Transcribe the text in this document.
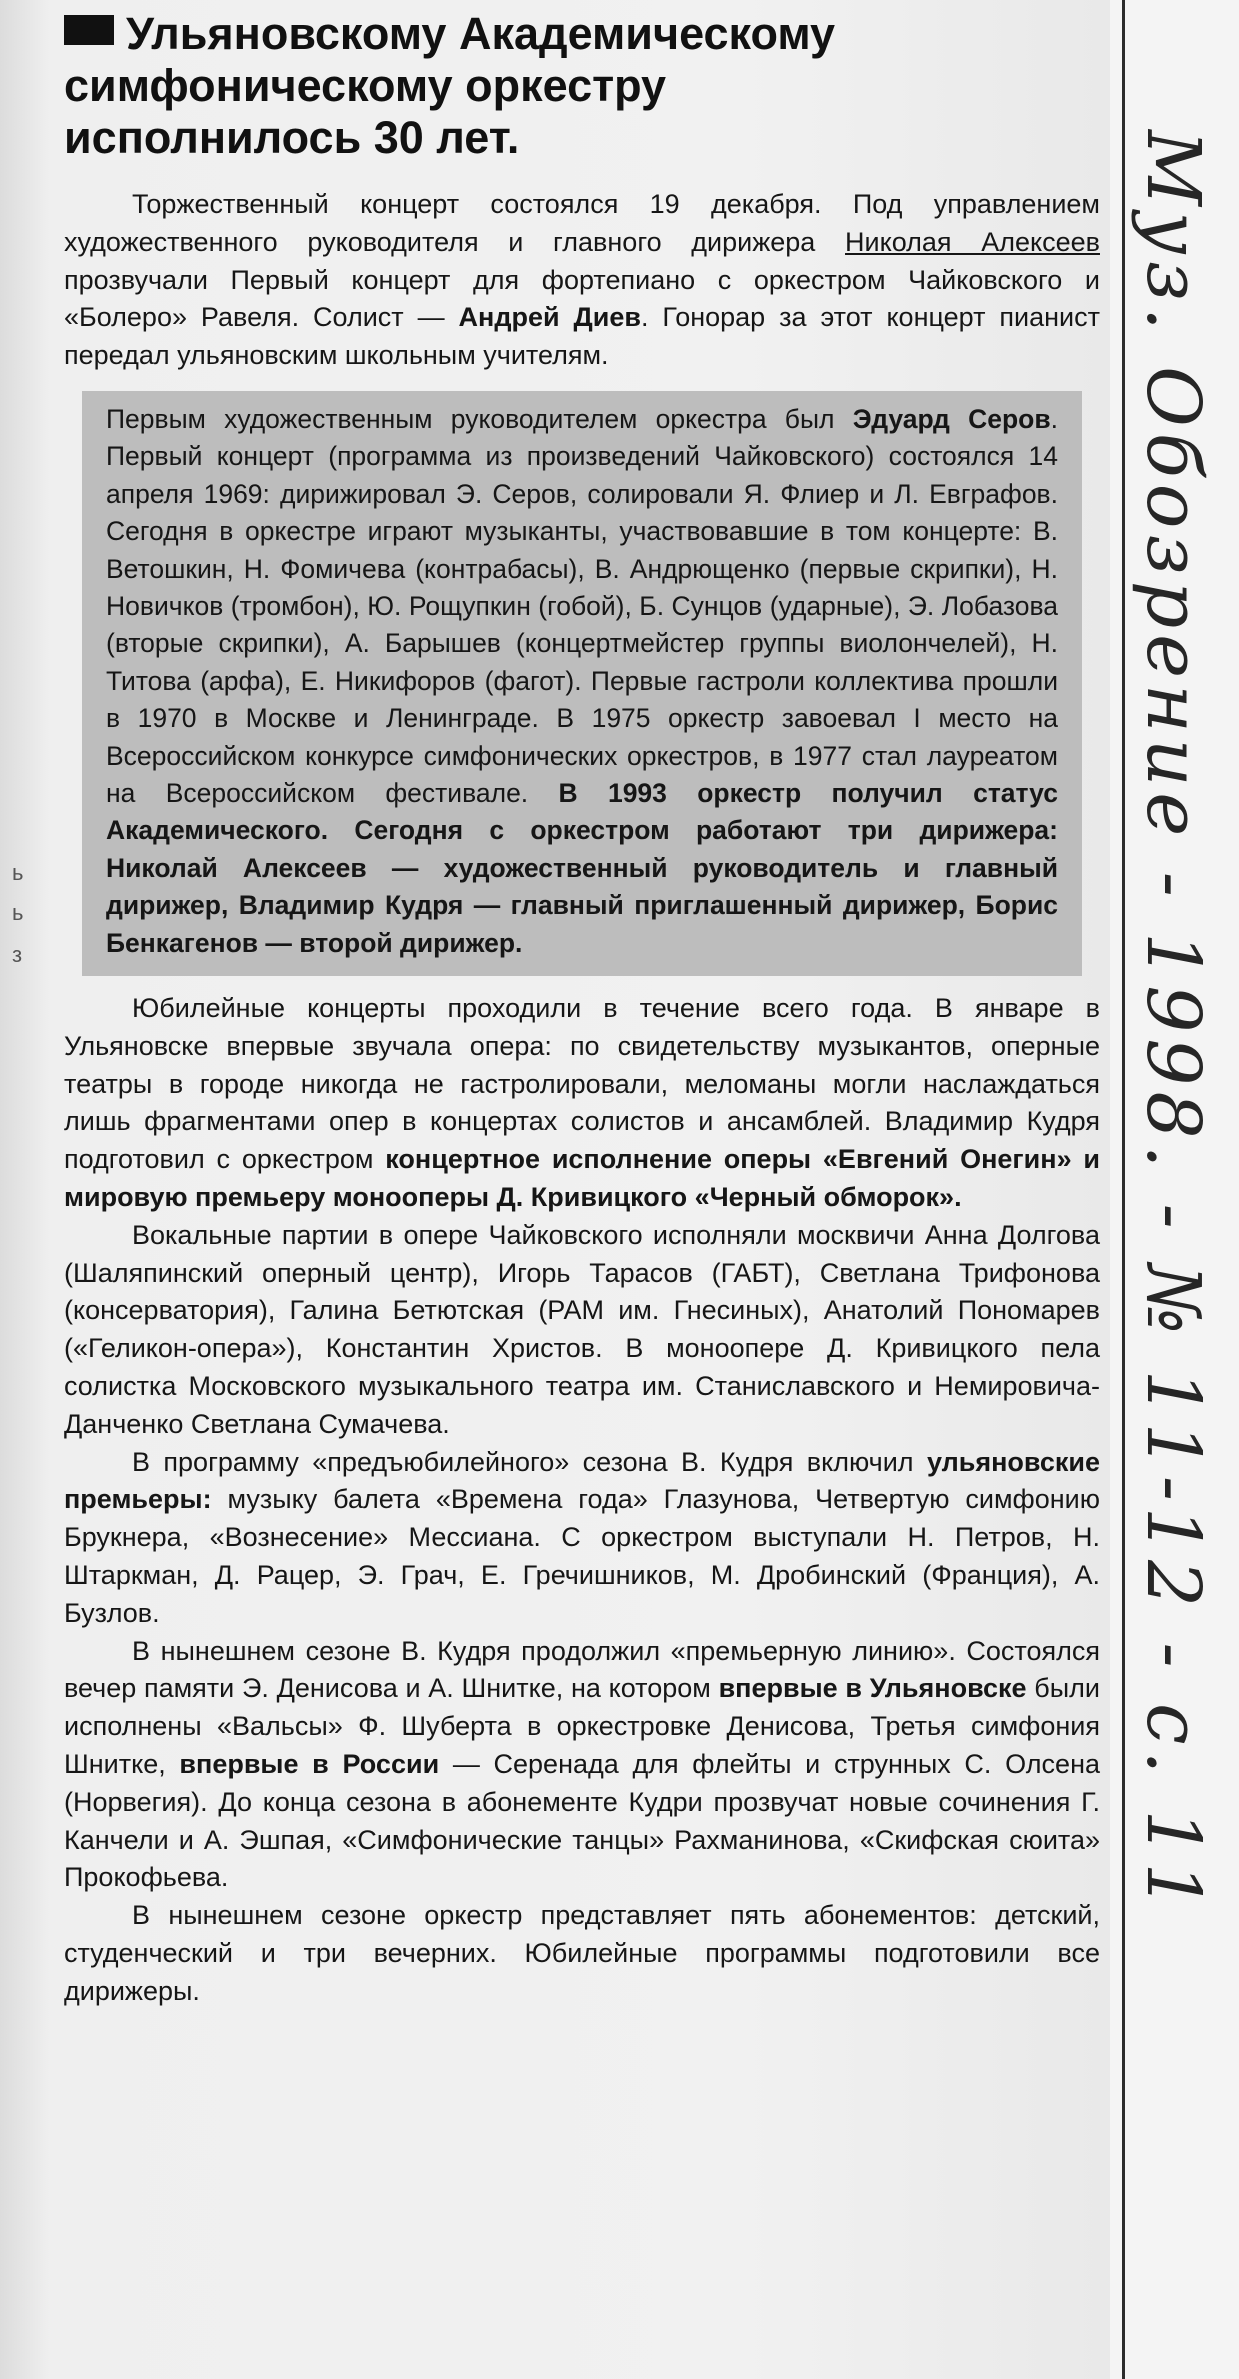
ь
ь
з
Ульяновскому Академическому
симфоническому оркестру
исполнилось 30 лет.

Торжественный концерт состоялся 19 декабря. Под управлением художественного руководителя и главного дирижера Николая Алексеев прозвучали Первый концерт для фортепиано с оркестром Чайковского и «Болеро» Равеля. Солист — Андрей Диев. Гонорар за этот концерт пианист передал ульяновским школьным учителям.

Первым художественным руководителем оркестра был Эдуард Серов. Первый концерт (программа из произведений Чайковского) состоялся 14 апреля 1969: дирижировал Э. Серов, солировали Я. Флиер и Л. Евграфов. Сегодня в оркестре играют музыканты, участвовавшие в том концерте: В. Ветошкин, Н. Фомичева (контрабасы), В. Андрющенко (первые скрипки), Н. Новичков (тромбон), Ю. Рощупкин (гобой), Б. Сунцов (ударные), Э. Лобазова (вторые скрипки), А. Барышев (концертмейстер группы виолончелей), Н. Титова (арфа), Е. Никифоров (фагот). Первые гастроли коллектива прошли в 1970 в Москве и Ленинграде. В 1975 оркестр завоевал I место на Всероссийском конкурсе симфонических оркестров, в 1977 стал лауреатом на Всероссийском фестивале. В 1993 оркестр получил статус Академического. Сегодня с оркестром работают три дирижера: Николай Алексеев — художественный руководитель и главный дирижер, Владимир Кудря — главный приглашенный дирижер, Борис Бенкагенов — второй дирижер.

Юбилейные концерты проходили в течение всего года. В январе в Ульяновске впервые звучала опера: по свидетельству музыкантов, оперные театры в городе никогда не гастролировали, меломаны могли наслаждаться лишь фрагментами опер в концертах солистов и ансамблей. Владимир Кудря подготовил с оркестром концертное исполнение оперы «Евгений Онегин» и мировую премьеру монооперы Д. Кривицкого «Черный обморок».

Вокальные партии в опере Чайковского исполняли москвичи Анна Долгова (Шаляпинский оперный центр), Игорь Тарасов (ГАБТ), Светлана Трифонова (консерватория), Галина Бетютская (РАМ им. Гнесиных), Анатолий Пономарев («Геликон-опера»), Константин Христов. В монoопере Д. Кривицкого пела солистка Московского музыкального театра им. Станиславского и Немировича-Данченко Светлана Сумачева.

В программу «предъюбилейного» сезона В. Кудря включил ульяновские премьеры: музыку балета «Времена года» Глазунова, Четвертую симфонию Брукнера, «Вознесение» Мессиана. С оркестром выступали Н. Петров, Н. Штаркман, Д. Рацер, Э. Грач, Е. Гречишников, М. Дробинский (Франция), А. Бузлов.

В нынешнем сезоне В. Кудря продолжил «премьерную линию». Состоялся вечер памяти Э. Денисова и А. Шнитке, на котором впервые в Ульяновске были исполнены «Вальсы» Ф. Шуберта в оркестровке Денисова, Третья симфония Шнитке, впервые в России — Серенада для флейты и струнных С. Олсена (Норвегия). До конца сезона в абонементе Кудри прозвучат новые сочинения Г. Канчели и А. Эшпая, «Симфонические танцы» Рахманинова, «Скифская сюита» Прокофьева.

В нынешнем сезоне оркестр представляет пять абонементов: детский, студенческий и три вечерних. Юбилейные программы подготовили все дирижеры.

Муз. Обозрение - 1998. - № 11-12 - с. 11
